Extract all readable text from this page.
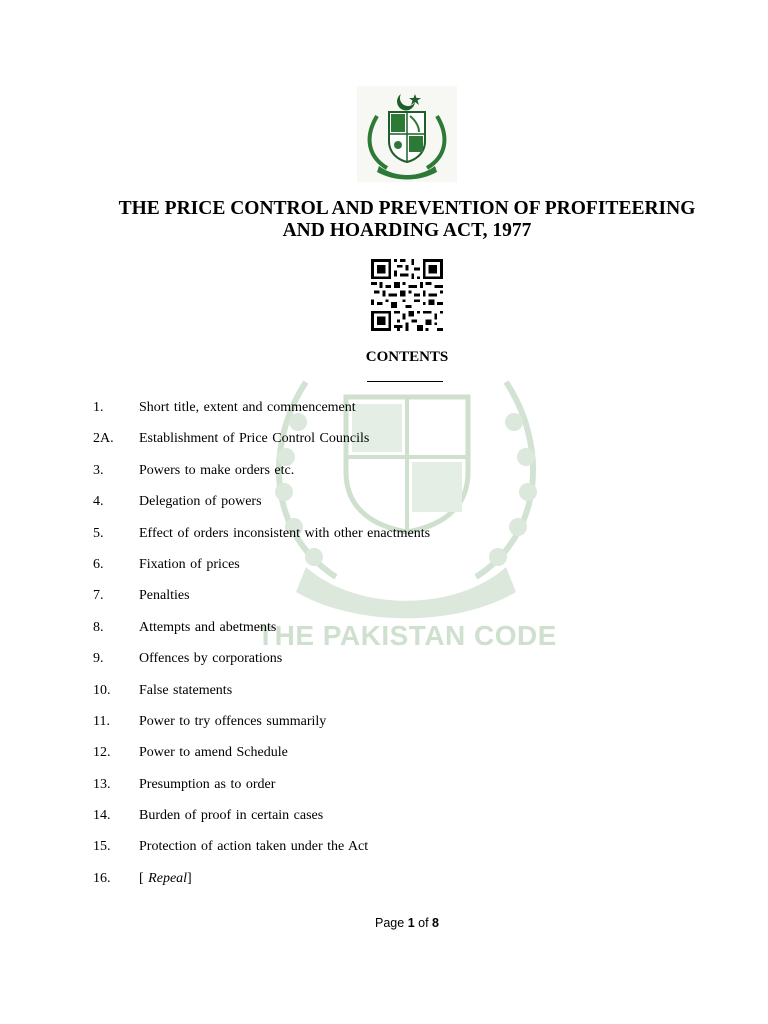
THE PAKISTAN CODE
THE PRICE CONTROL AND PREVENTION OF PROFITEERING
AND HOARDING ACT, 1977
CONTENTS
1.	Short title, extent and commencement
2A. Establishment of Price Control Councils
3.	Powers to make orders etc.
4.	Delegation of powers
5.	Effect of orders inconsistent with other enactments
6.	Fixation of prices
7.	Penalties
8.	Attempts and abetments
9.	Offences by corporations
10. False statements
11. Power to try offences summarily
12. Power to amend Schedule
13. Presumption as to order
14. Burden of proof in certain cases
15. Protection of action taken under the Act
16. [ Repeal]
Page 1 of 8
